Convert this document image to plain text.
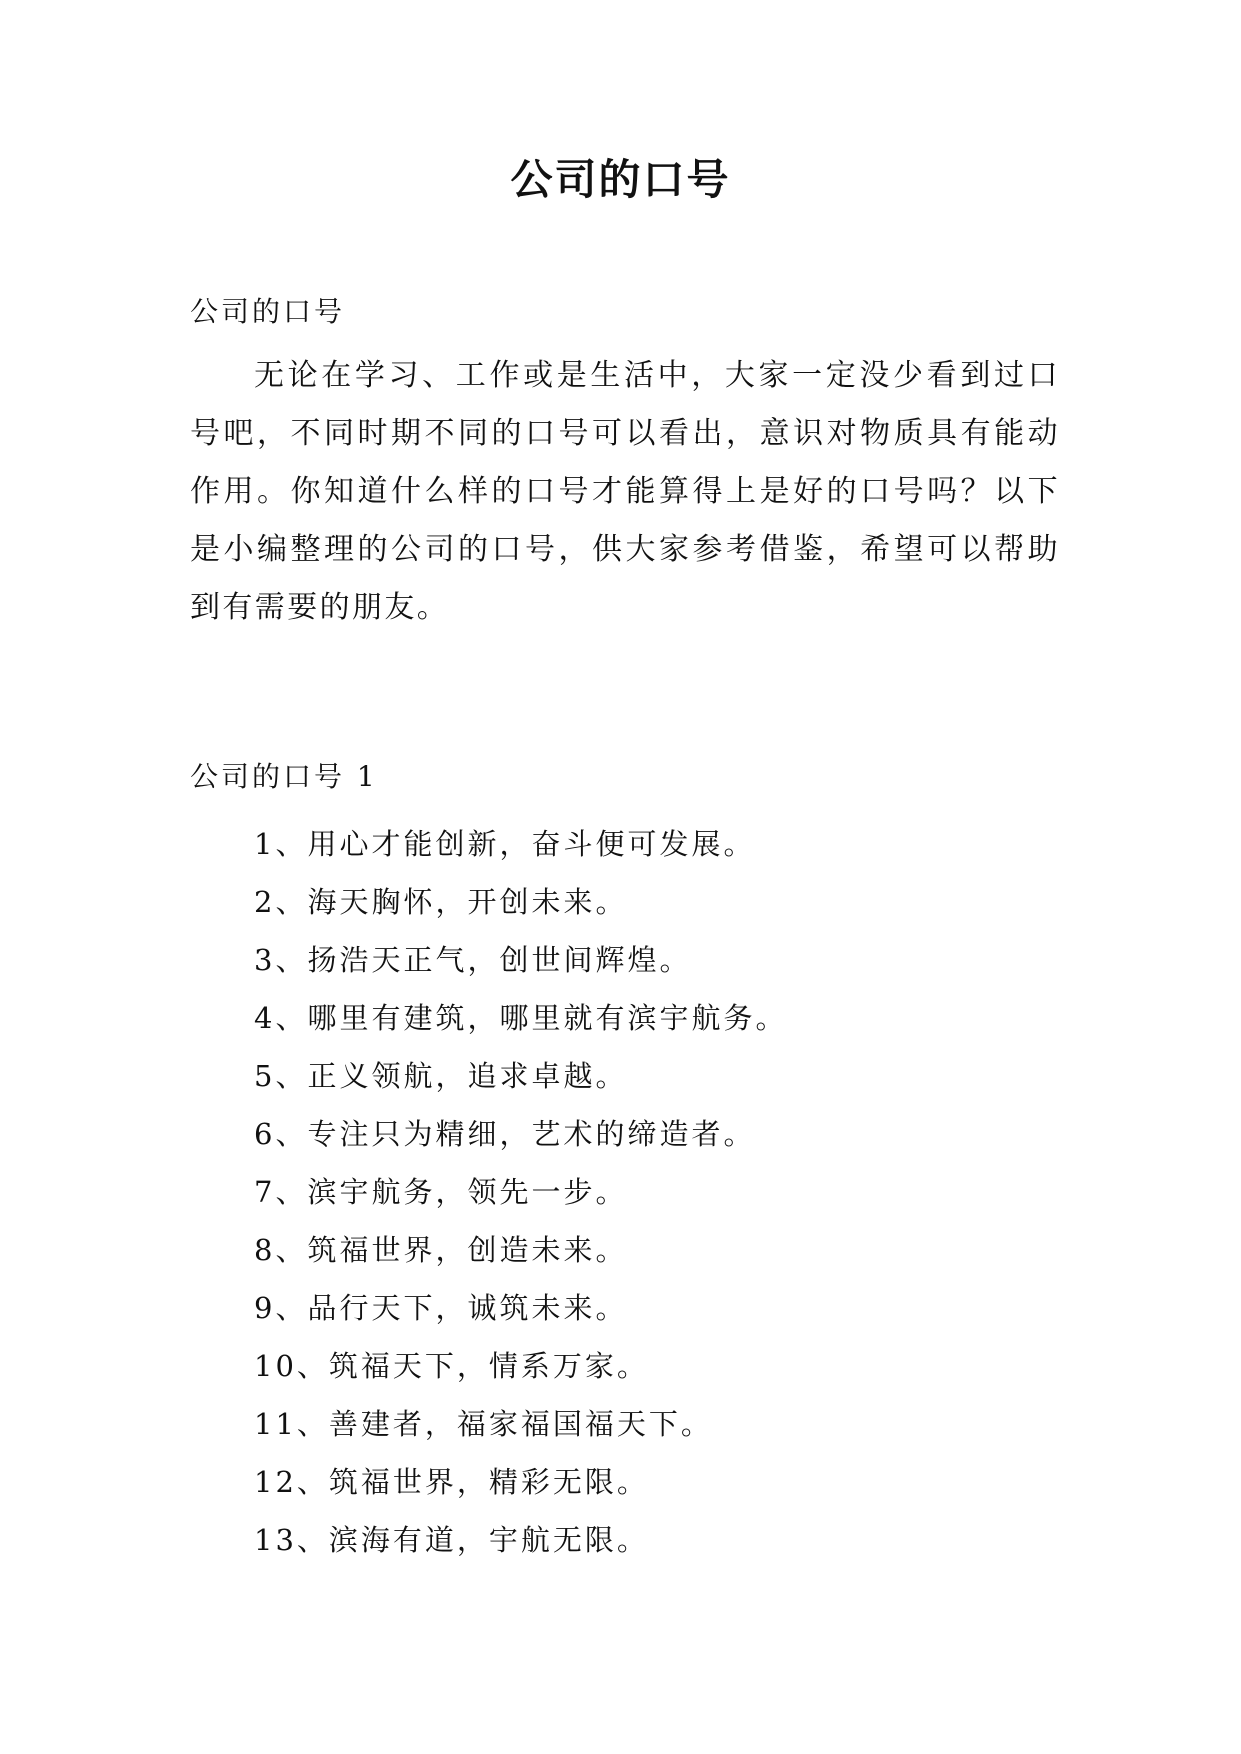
公司的口号

公司的口号

无论在学习、工作或是生活中，大家一定没少看到过口号吧，不同时期不同的口号可以看出，意识对物质具有能动作用。你知道什么样的口号才能算得上是好的口号吗？以下是小编整理的公司的口号，供大家参考借鉴，希望可以帮助到有需要的朋友。

公司的口号 1

1、用心才能创新，奋斗便可发展。
2、海天胸怀，开创未来。
3、扬浩天正气，创世间辉煌。
4、哪里有建筑，哪里就有滨宇航务。
5、正义领航，追求卓越。
6、专注只为精细，艺术的缔造者。
7、滨宇航务，领先一步。
8、筑福世界，创造未来。
9、品行天下，诚筑未来。
10、筑福天下，情系万家。
11、善建者，福家福国福天下。
12、筑福世界，精彩无限。
13、滨海有道，宇航无限。
